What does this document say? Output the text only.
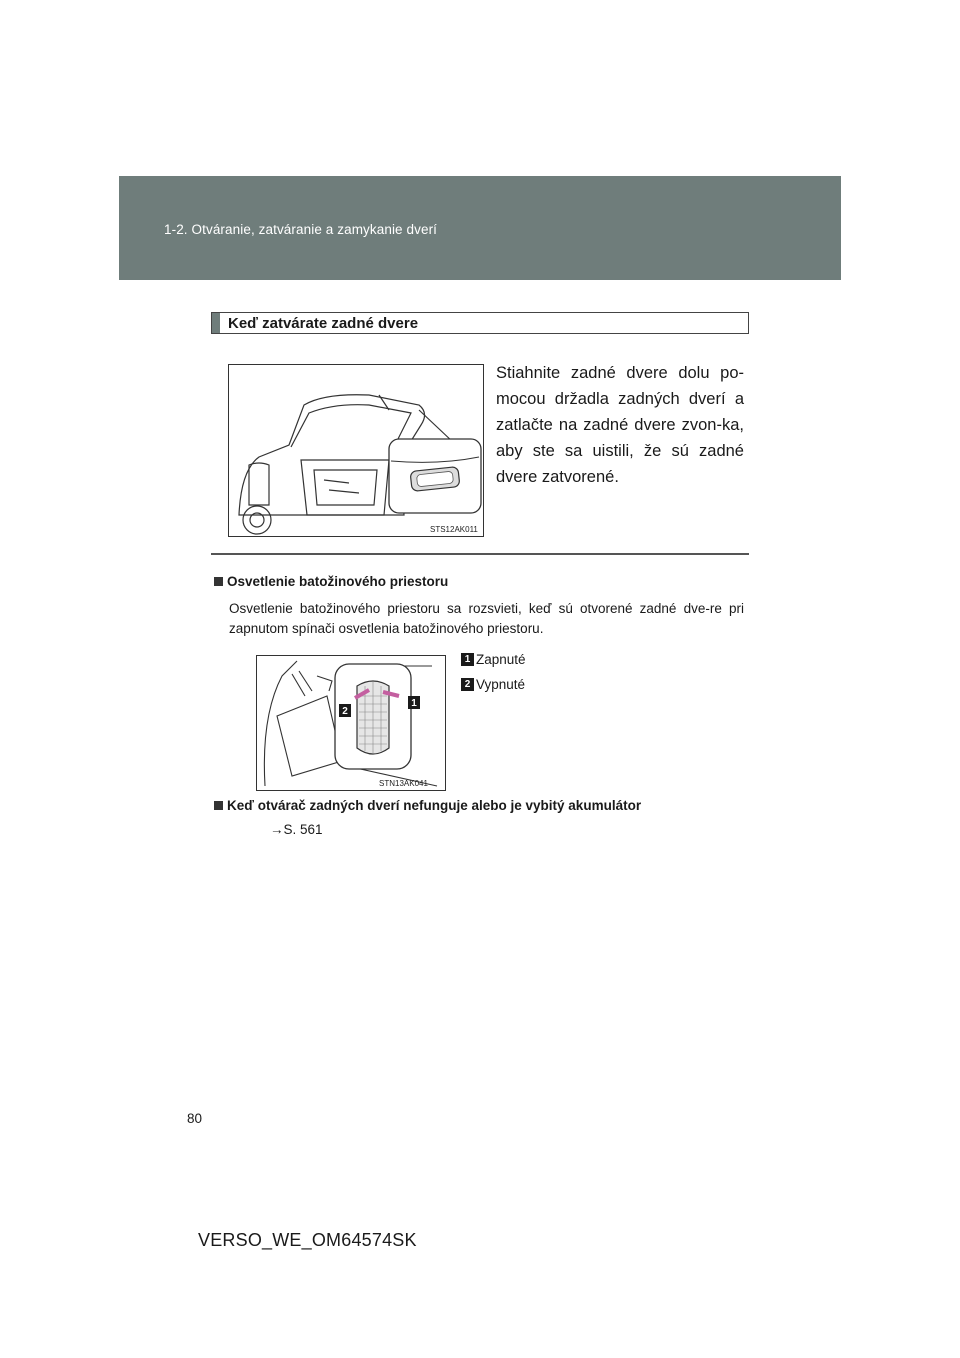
1-2. Otváranie, zatváranie a zamykanie dverí
Keď zatvárate zadné dvere
STS12AK011
Stiahnite zadné dvere dolu po-mocou držadla zadných dverí a zatlačte na zadné dvere zvon-ka, aby ste sa uistili, že sú zadné dvere zatvorené.
Osvetlenie batožinového priestoru
Osvetlenie batožinového priestoru sa rozsvieti, keď sú otvorené zadné dve-re pri zapnutom spínači osvetlenia batožinového priestoru.
2
1
STN13AK041
1 Zapnuté
2 Vypnuté
Keď otvárač zadných dverí nefunguje alebo je vybitý akumulátor
→S. 561
80
VERSO_WE_OM64574SK
